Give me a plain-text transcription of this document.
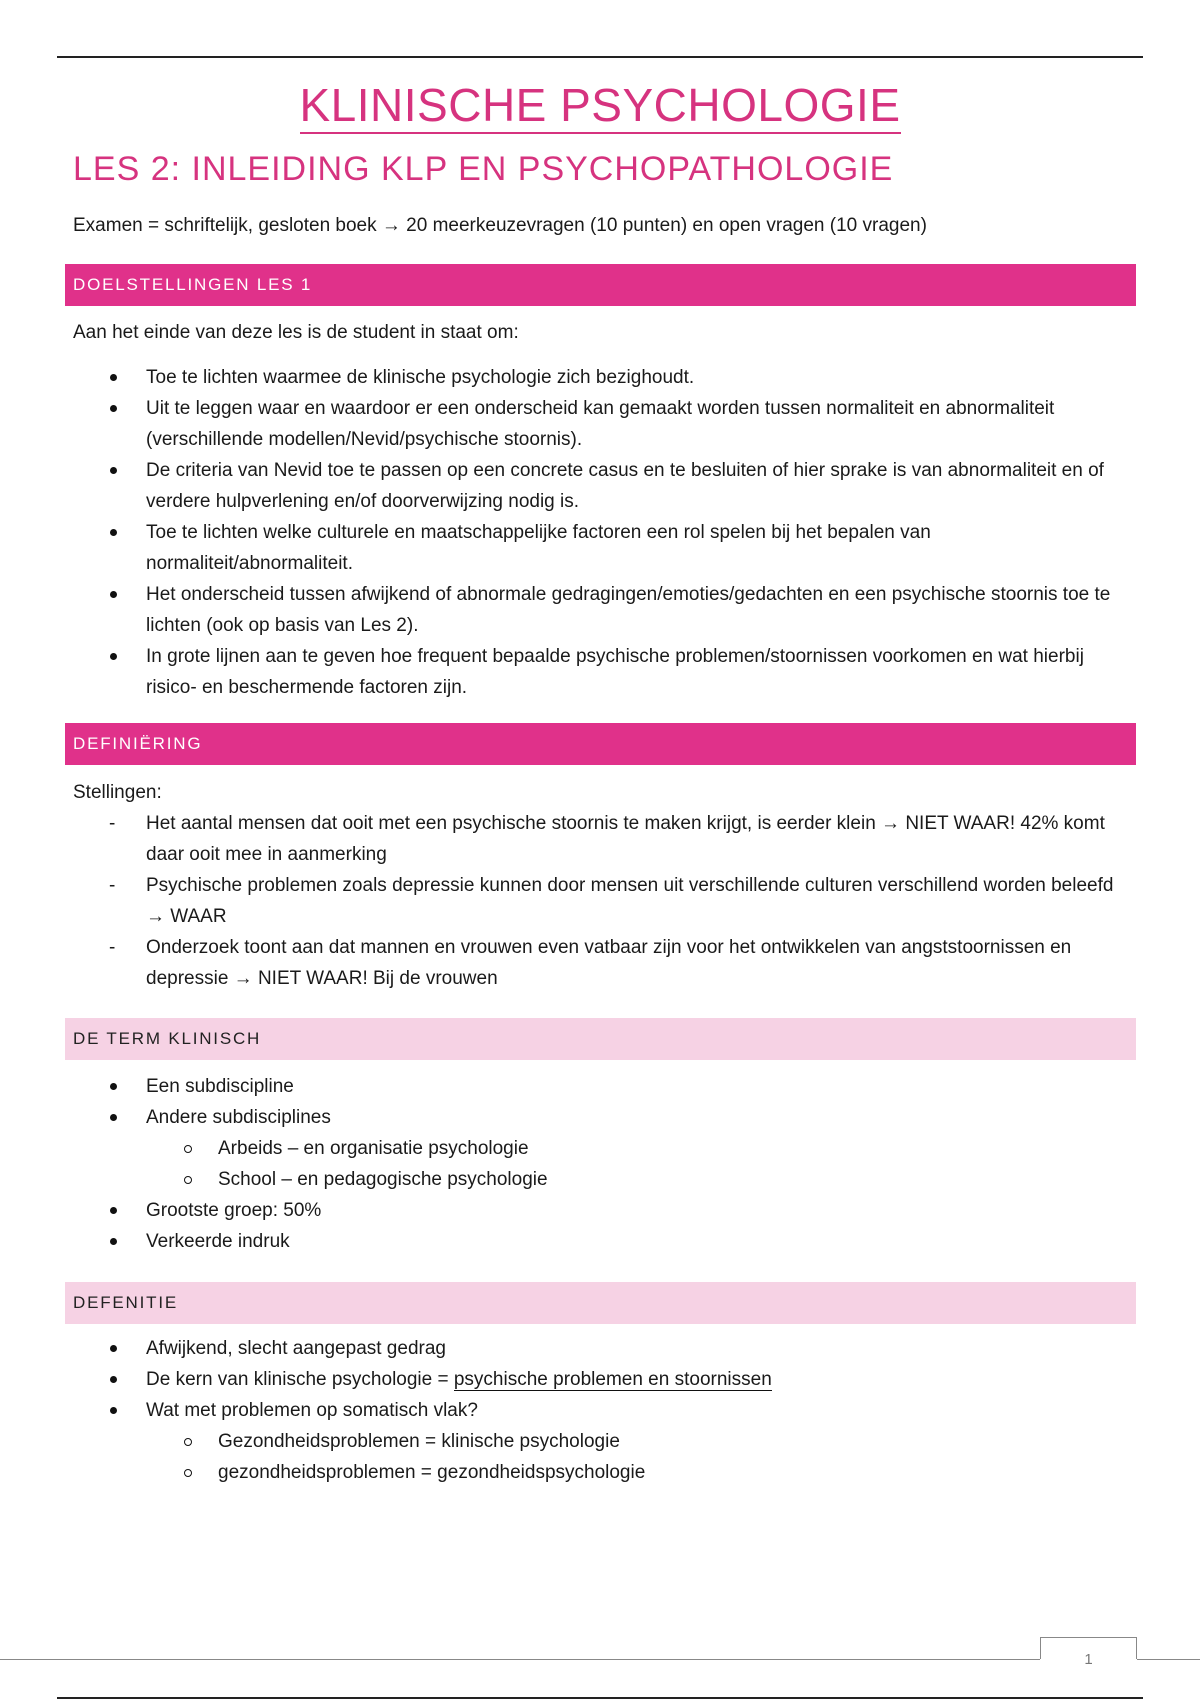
KLINISCHE PSYCHOLOGIE
LES 2: INLEIDING KLP EN PSYCHOPATHOLOGIE
Examen = schriftelijk, gesloten boek → 20 meerkeuzevragen (10 punten) en open vragen (10 vragen)
DOELSTELLINGEN LES 1
Aan het einde van deze les is de student in staat om:
Toe te lichten waarmee de klinische psychologie zich bezighoudt.
Uit te leggen waar en waardoor er een onderscheid kan gemaakt worden tussen normaliteit en abnormaliteit (verschillende modellen/Nevid/psychische stoornis).
De criteria van Nevid toe te passen op een concrete casus en te besluiten of hier sprake is van abnormaliteit en of verdere hulpverlening en/of doorverwijzing nodig is.
Toe te lichten welke culturele en maatschappelijke factoren een rol spelen bij het bepalen van normaliteit/abnormaliteit.
Het onderscheid tussen afwijkend of abnormale gedragingen/emoties/gedachten en een psychische stoornis toe te lichten (ook op basis van Les 2).
In grote lijnen aan te geven hoe frequent bepaalde psychische problemen/stoornissen voorkomen en wat hierbij risico- en beschermende factoren zijn.
DEFINIËRING
Stellingen:
- Het aantal mensen dat ooit met een psychische stoornis te maken krijgt, is eerder klein → NIET WAAR! 42% komt daar ooit mee in aanmerking
- Psychische problemen zoals depressie kunnen door mensen uit verschillende culturen verschillend worden beleefd → WAAR
- Onderzoek toont aan dat mannen en vrouwen even vatbaar zijn voor het ontwikkelen van angststoornissen en depressie → NIET WAAR! Bij de vrouwen
DE TERM KLINISCH
Een subdiscipline
Andere subdisciplines
Arbeids – en organisatie psychologie
School – en pedagogische psychologie
Grootste groep: 50%
Verkeerde indruk
DEFENITIE
Afwijkend, slecht aangepast gedrag
De kern van klinische psychologie = psychische problemen en stoornissen
Wat met problemen op somatisch vlak?
Gezondheidsproblemen = klinische psychologie
gezondheidsproblemen = gezondheidspsychologie
1
